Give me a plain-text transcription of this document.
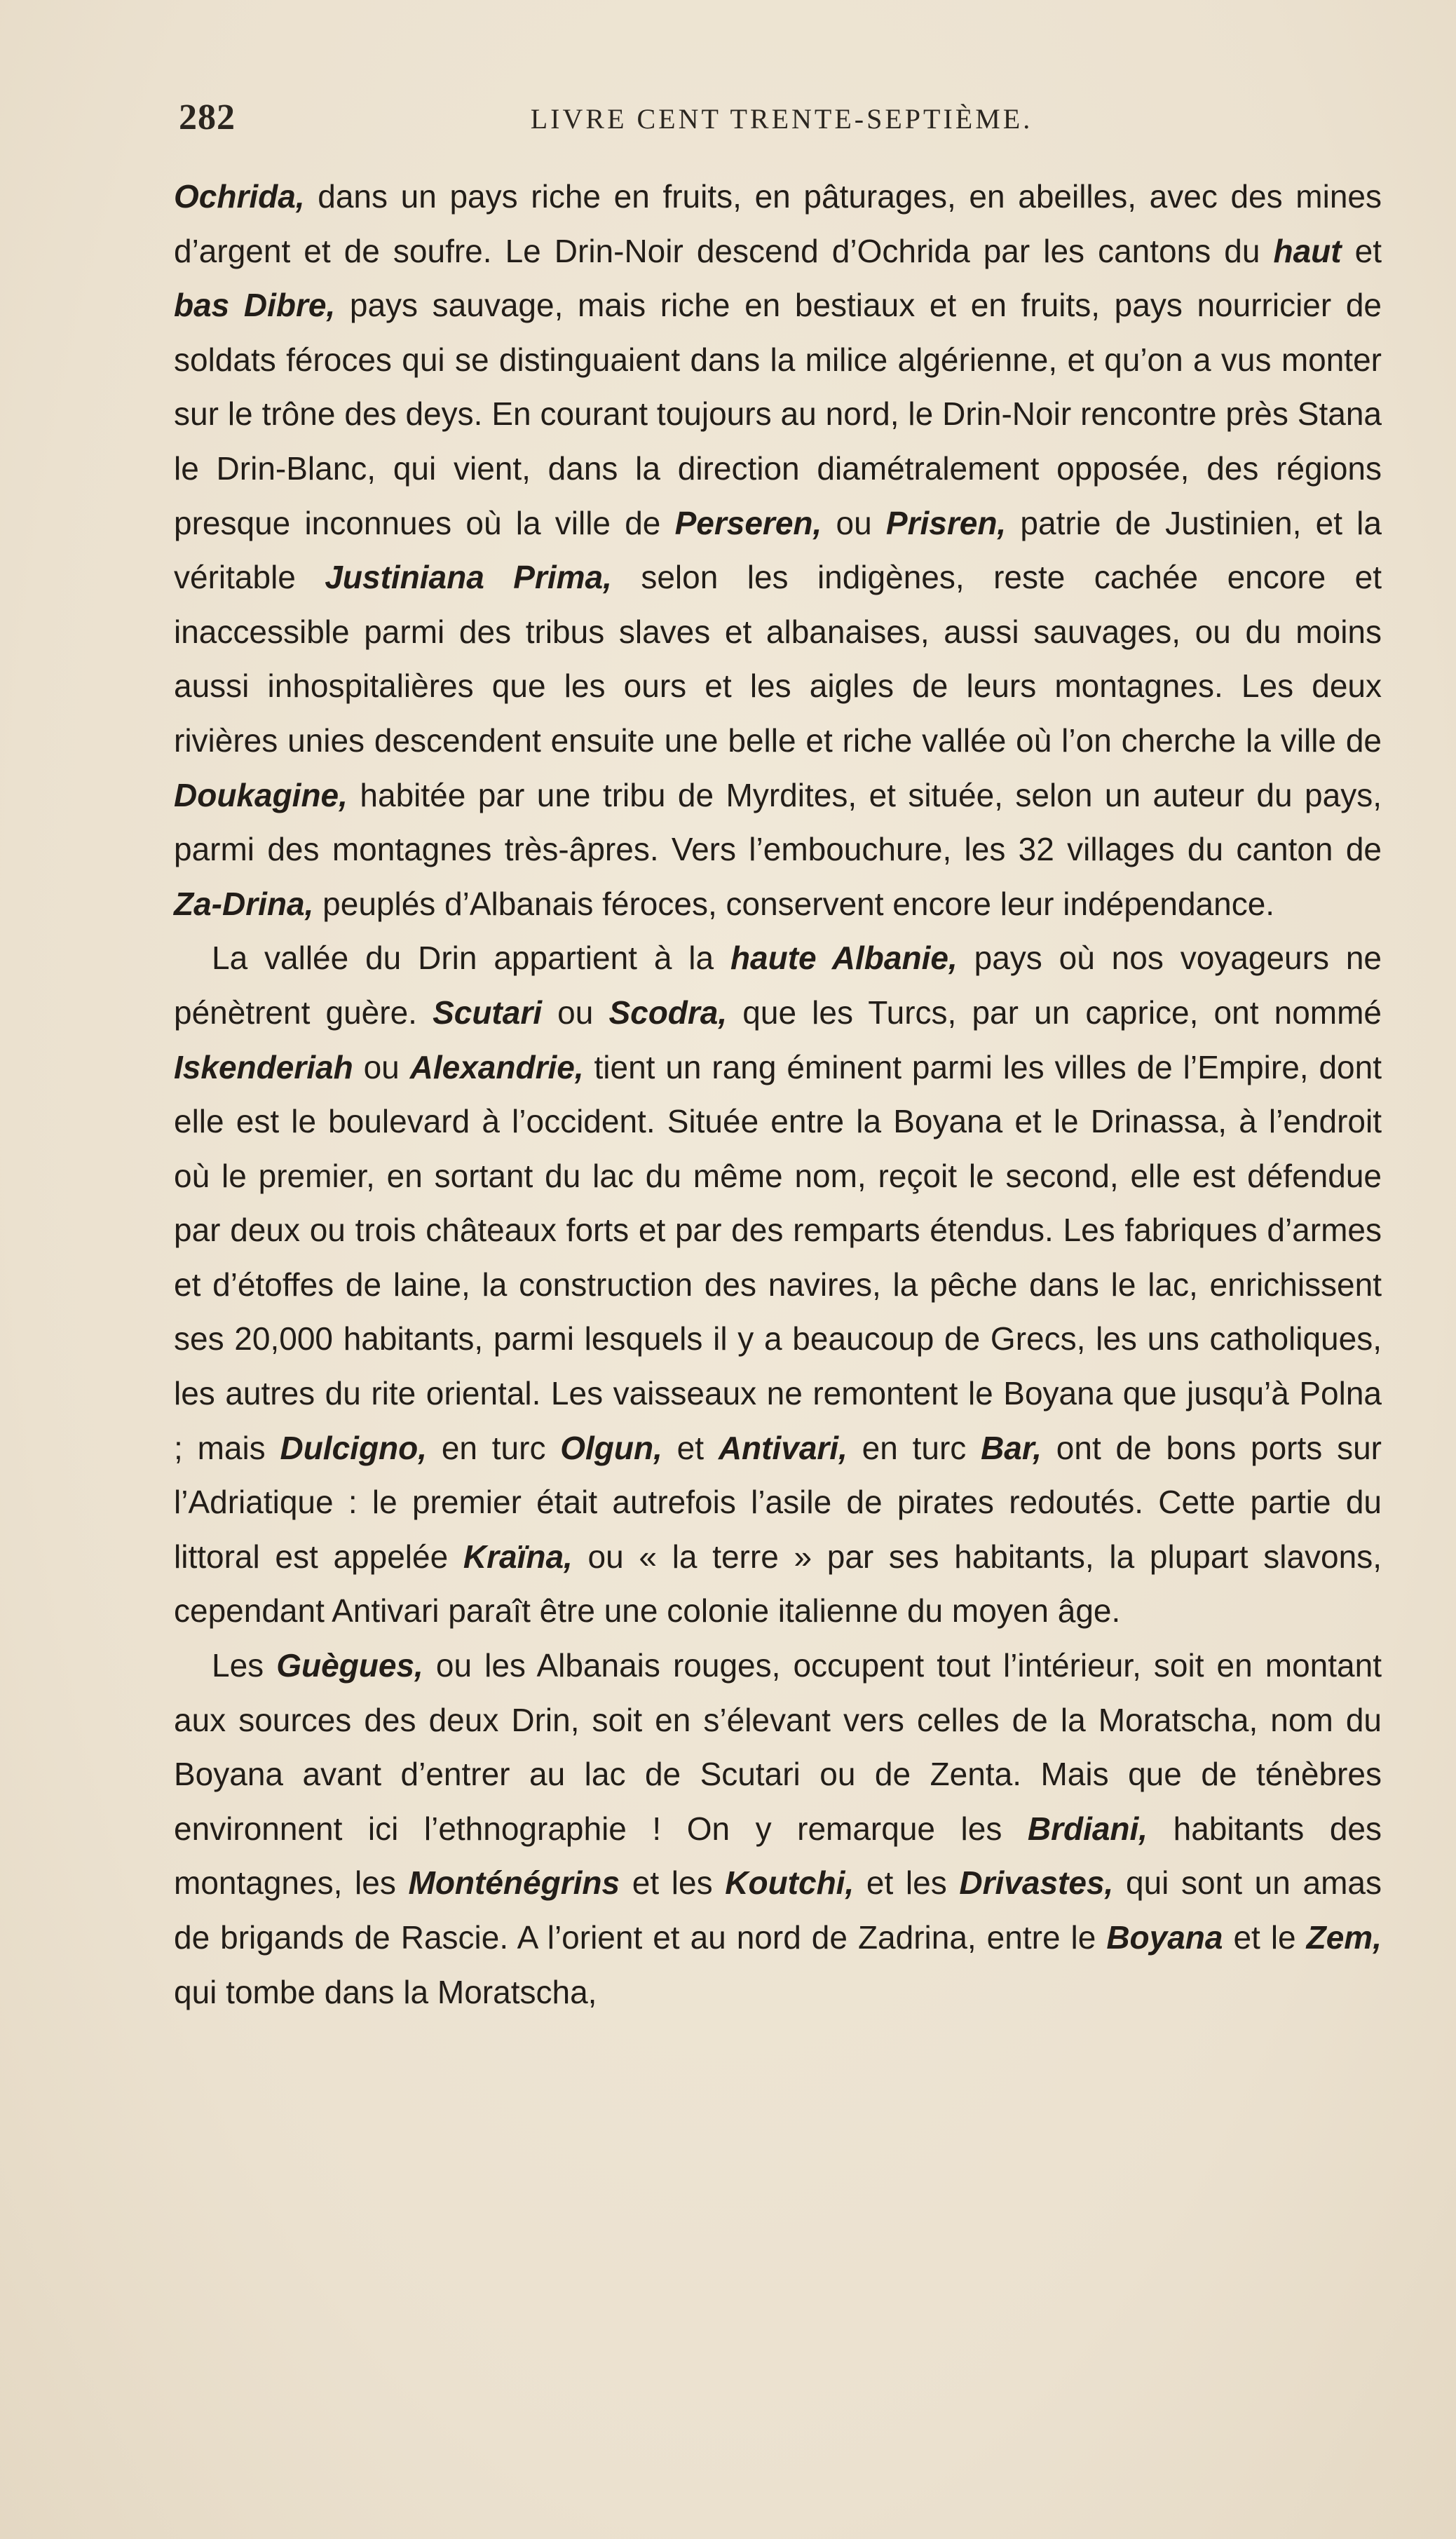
282	LIVRE CENT TRENTE-SEPTIÈME.

Ochrida, dans un pays riche en fruits, en pâturages, en abeilles, avec des mines d’argent et de soufre. Le Drin-Noir descend d’Ochrida par les cantons du haut et bas Dibre, pays sauvage, mais riche en bestiaux et en fruits, pays nourricier de soldats féroces qui se distinguaient dans la milice algérienne, et qu’on a vus monter sur le trône des deys. En courant toujours au nord, le Drin-Noir rencontre près Stana le Drin-Blanc, qui vient, dans la direction diamétralement opposée, des régions presque inconnues où la ville de Perseren, ou Prisren, patrie de Justinien, et la véritable Justiniana Prima, selon les indigènes, reste cachée encore et inaccessible parmi des tribus slaves et albanaises, aussi sauvages, ou du moins aussi inhospitalières que les ours et les aigles de leurs montagnes. Les deux rivières unies descendent ensuite une belle et riche vallée où l’on cherche la ville de Doukagine, habitée par une tribu de Myrdites, et située, selon un auteur du pays, parmi des montagnes très-âpres. Vers l’embouchure, les 32 villages du canton de Za-Drina, peuplés d’Albanais féroces, conservent encore leur indépendance.

La vallée du Drin appartient à la haute Albanie, pays où nos voyageurs ne pénètrent guère. Scutari ou Scodra, que les Turcs, par un caprice, ont nommé Iskenderiah ou Alexandrie, tient un rang éminent parmi les villes de l’Empire, dont elle est le boulevard à l’occident. Située entre la Boyana et le Drinassa, à l’endroit où le premier, en sortant du lac du même nom, reçoit le second, elle est défendue par deux ou trois châteaux forts et par des remparts étendus. Les fabriques d’armes et d’étoffes de laine, la construction des navires, la pêche dans le lac, enrichissent ses 20,000 habitants, parmi lesquels il y a beaucoup de Grecs, les uns catholiques, les autres du rite oriental. Les vaisseaux ne remontent le Boyana que jusqu’à Polna ; mais Dulcigno, en turc Olgun, et Antivari, en turc Bar, ont de bons ports sur l’Adriatique : le premier était autrefois l’asile de pirates redoutés. Cette partie du littoral est appelée Kraïna, ou « la terre » par ses habitants, la plupart slavons, cependant Antivari paraît être une colonie italienne du moyen âge.

Les Guègues, ou les Albanais rouges, occupent tout l’intérieur, soit en montant aux sources des deux Drin, soit en s’élevant vers celles de la Moratscha, nom du Boyana avant d’entrer au lac de Scutari ou de Zenta. Mais que de ténèbres environnent ici l’ethnographie ! On y remarque les Brdiani, habitants des montagnes, les Monténégrins et les Koutchi, et les Drivastes, qui sont un amas de brigands de Rascie. A l’orient et au nord de Zadrina, entre le Boyana et le Zem, qui tombe dans la Moratscha,
